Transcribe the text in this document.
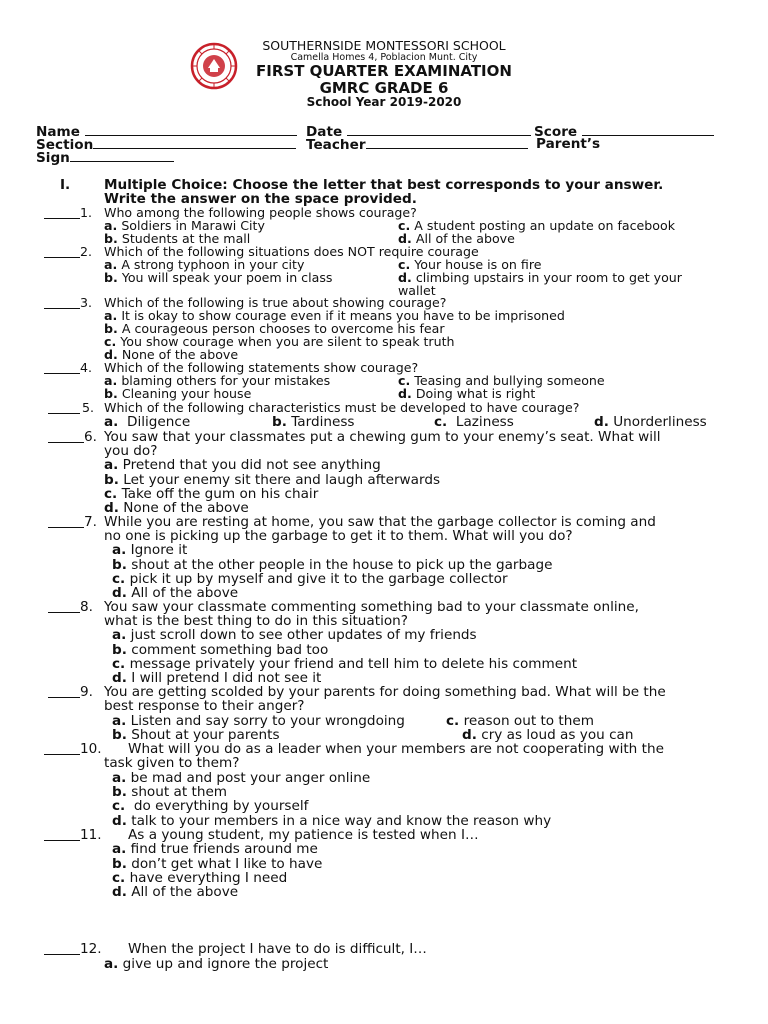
SOUTHERNSIDE MONTESSORI SCHOOL
Camella Homes 4, Poblacion Munt. City
FIRST QUARTER EXAMINATION
GMRC GRADE 6
School Year 2019-2020
Name	Date	Score
Section	Teacher	Parent’s
Sign
I. Multiple Choice: Choose the letter that best corresponds to your answer.
Write the answer on the space provided.
1. Who among the following people shows courage?
a. Soldiers in Marawi City	c. A student posting an update on facebook
b. Students at the mall	d. All of the above
2. Which of the following situations does NOT require courage
a. A strong typhoon in your city	c. Your house is on fire
b. You will speak your poem in class	d. climbing upstairs in your room to get your
wallet
3. Which of the following is true about showing courage?
a. It is okay to show courage even if it means you have to be imprisoned
b. A courageous person chooses to overcome his fear
c. You show courage when you are silent to speak truth
d. None of the above
4. Which of the following statements show courage?
a. blaming others for your mistakes	c. Teasing and bullying someone
b. Cleaning your house	d. Doing what is right
5. Which of the following characteristics must be developed to have courage?
a. Diligence	b. Tardiness	c. Laziness	d. Unorderliness
6. You saw that your classmates put a chewing gum to your enemy’s seat. What will
you do?
a. Pretend that you did not see anything
b. Let your enemy sit there and laugh afterwards
c. Take off the gum on his chair
d. None of the above
7. While you are resting at home, you saw that the garbage collector is coming and
no one is picking up the garbage to get it to them. What will you do?
a. Ignore it
b. shout at the other people in the house to pick up the garbage
c. pick it up by myself and give it to the garbage collector
d. All of the above
8. You saw your classmate commenting something bad to your classmate online,
what is the best thing to do in this situation?
a. just scroll down to see other updates of my friends
b. comment something bad too
c. message privately your friend and tell him to delete his comment
d. I will pretend I did not see it
9. You are getting scolded by your parents for doing something bad. What will be the
best response to their anger?
a. Listen and say sorry to your wrongdoing	c. reason out to them
b. Shout at your parents	d. cry as loud as you can
10. What will you do as a leader when your members are not cooperating with the
task given to them?
a. be mad and post your anger online
b. shout at them
c. do everything by yourself
d. talk to your members in a nice way and know the reason why
11. As a young student, my patience is tested when I…
a. find true friends around me
b. don’t get what I like to have
c. have everything I need
d. All of the above
12. When the project I have to do is difficult, I…
a. give up and ignore the project
